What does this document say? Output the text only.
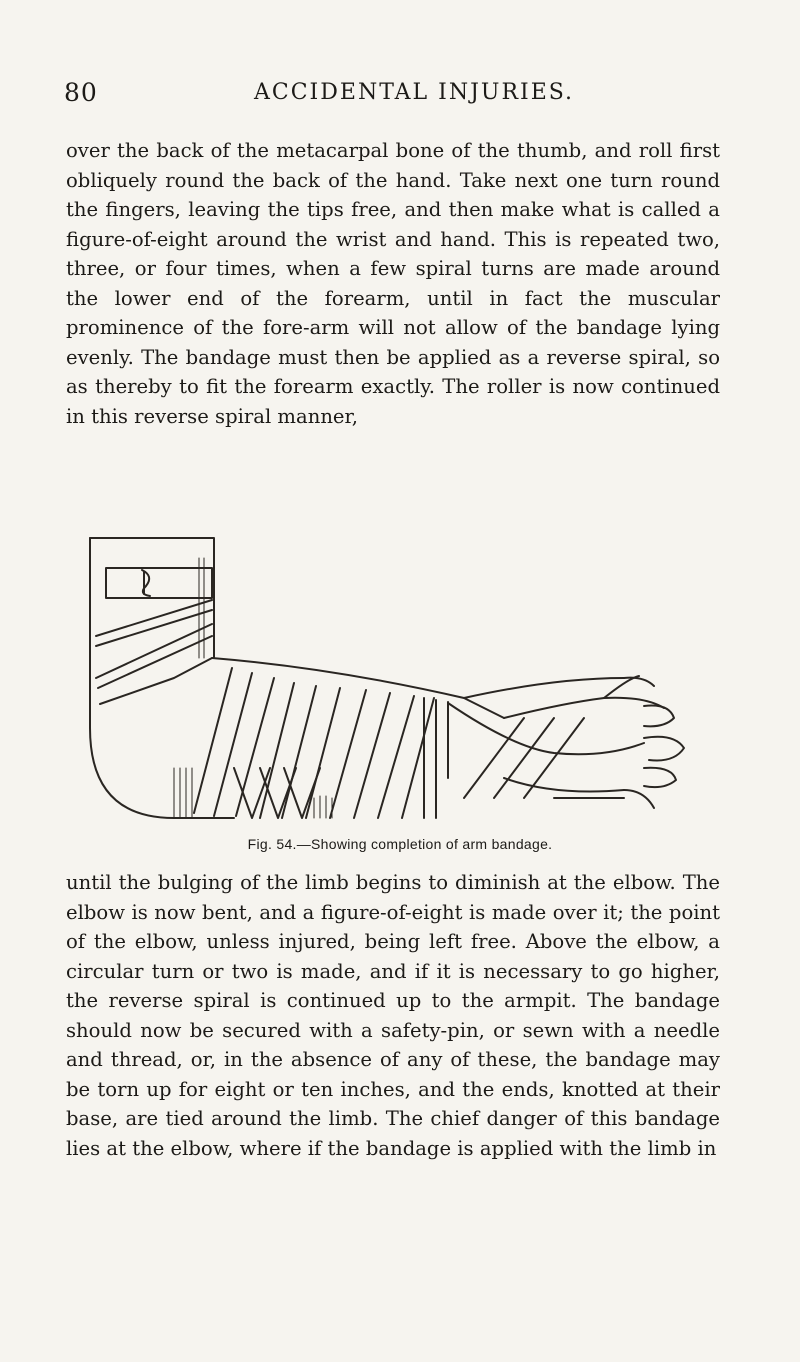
80	ACCIDENTAL INJURIES.
over the back of the metacarpal bone of the thumb, and roll first obliquely round the back of the hand. Take next one turn round the fingers, leaving the tips free, and then make what is called a figure-of-eight around the wrist and hand. This is repeated two, three, or four times, when a few spiral turns are made around the lower end of the forearm, until in fact the muscular prominence of the fore-arm will not allow of the bandage lying evenly. The bandage must then be applied as a reverse spiral, so as thereby to fit the forearm exactly. The roller is now continued in this reverse spiral manner,
Fig. 54.—Showing completion of arm bandage.
until the bulging of the limb begins to diminish at the elbow. The elbow is now bent, and a figure-of-eight is made over it; the point of the elbow, unless injured, being left free. Above the elbow, a circular turn or two is made, and if it is necessary to go higher, the reverse spiral is continued up to the armpit. The bandage should now be secured with a safety-pin, or sewn with a needle and thread, or, in the absence of any of these, the bandage may be torn up for eight or ten inches, and the ends, knotted at their base, are tied around the limb. The chief danger of this bandage lies at the elbow, where if the bandage is applied with the limb in
